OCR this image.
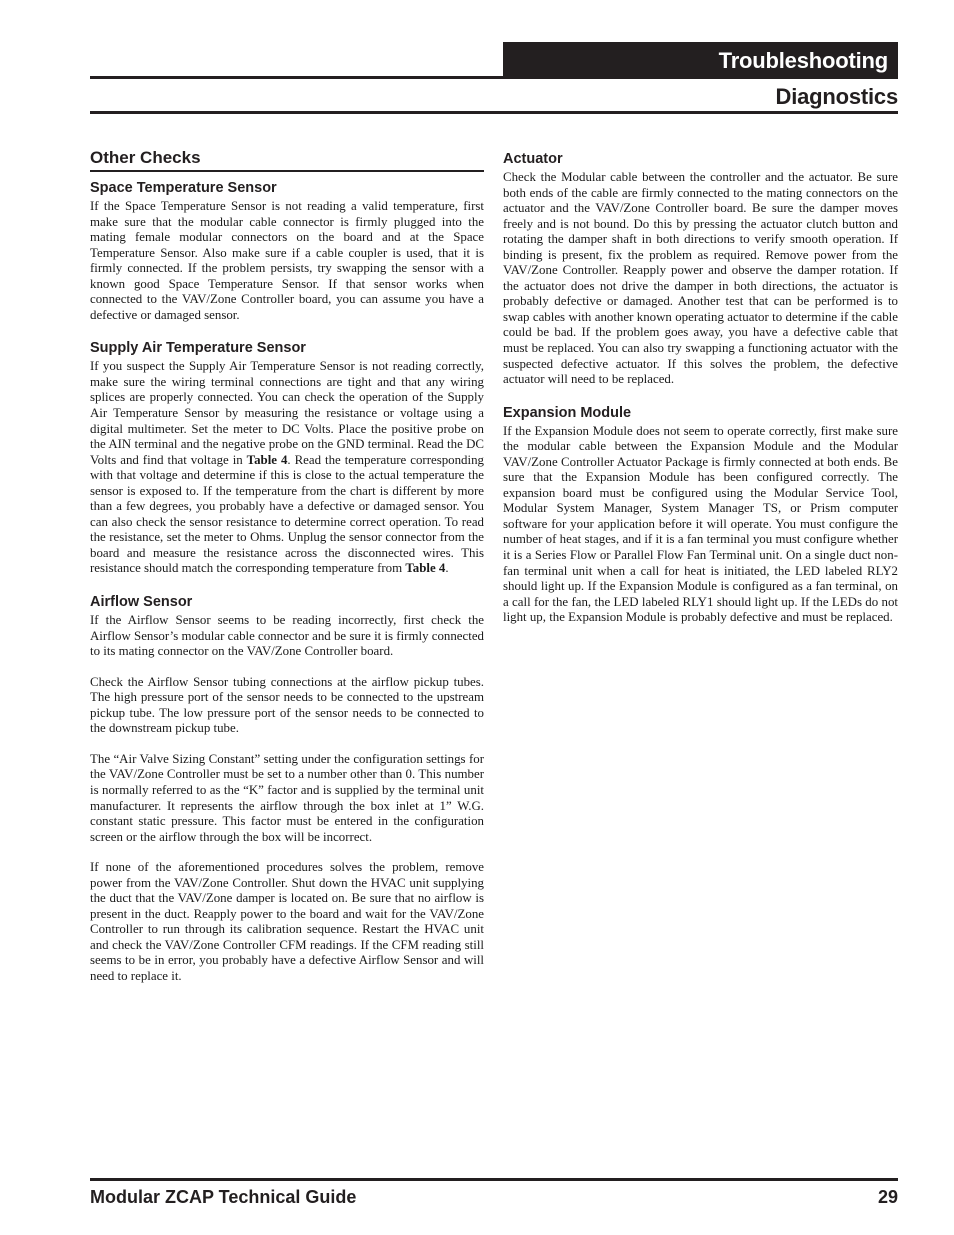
Troubleshooting
Diagnostics
Other Checks
Space Temperature Sensor

If the Space Temperature Sensor is not reading a valid temperature, first make sure that the modular cable connector is firmly plugged into the mating female modular connectors on the board and at the Space Temperature Sensor. Also make sure if a cable coupler is used, that it is firmly connected. If the problem persists, try swapping the sensor with a known good Space Temperature Sensor. If that sensor works when connected to the VAV/Zone Controller board, you can assume you have a defective or damaged sensor.

Supply Air Temperature Sensor

If you suspect the Supply Air Temperature Sensor is not reading correctly, make sure the wiring terminal connections are tight and that any wiring splices are properly connected. You can check the operation of the Supply Air Temperature Sensor by measuring the resistance or voltage using a digital multimeter. Set the meter to DC Volts. Place the positive probe on the AIN terminal and the negative probe on the GND terminal. Read the DC Volts and find that voltage in Table 4. Read the temperature corresponding with that voltage and determine if this is close to the actual temperature the sensor is exposed to. If the temperature from the chart is different by more than a few degrees, you probably have a defective or damaged sensor. You can also check the sensor resistance to determine correct operation. To read the resistance, set the meter to Ohms. Unplug the sensor connector from the board and measure the resistance across the disconnected wires. This resistance should match the corresponding temperature from Table 4.

Airflow Sensor

If the Airflow Sensor seems to be reading incorrectly, first check the Airflow Sensor’s modular cable connector and be sure it is firmly connected to its mating connector on the VAV/Zone Controller board.

Check the Airflow Sensor tubing connections at the airflow pickup tubes. The high pressure port of the sensor needs to be connected to the upstream pickup tube. The low pressure port of the sensor needs to be connected to the downstream pickup tube.

The “Air Valve Sizing Constant” setting under the configuration settings for the VAV/Zone Controller must be set to a number other than 0. This number is normally referred to as the “K” factor and is supplied by the terminal unit manufacturer. It represents the airflow through the box inlet at 1” W.G. constant static pressure. This factor must be entered in the configuration screen or the airflow through the box will be incorrect.

If none of the aforementioned procedures solves the problem, remove power from the VAV/Zone Controller. Shut down the HVAC unit supplying the duct that the VAV/Zone damper is located on. Be sure that no airflow is present in the duct. Reapply power to the board and wait for the VAV/Zone Controller to run through its calibration sequence. Restart the HVAC unit and check the VAV/Zone Controller CFM readings. If the CFM reading still seems to be in error, you probably have a defective Airflow Sensor and will need to replace it.

Actuator

Check the Modular cable between the controller and the actuator. Be sure both ends of the cable are firmly connected to the mating connectors on the actuator and the VAV/Zone Controller board. Be sure the damper moves freely and is not bound. Do this by pressing the actuator clutch button and rotating the damper shaft in both directions to verify smooth operation. If binding is present, fix the problem as required. Remove power from the VAV/Zone Controller. Reapply power and observe the damper rotation. If the actuator does not drive the damper in both directions, the actuator is probably defective or damaged. Another test that can be performed is to swap cables with another known operating actuator to determine if the cable could be bad. If the problem goes away, you have a defective cable that must be replaced. You can also try swapping a functioning actuator with the suspected defective actuator. If this solves the problem, the defective actuator will need to be replaced.

Expansion Module

If the Expansion Module does not seem to operate correctly, first make sure the modular cable between the Expansion Module and the Modular VAV/Zone Controller Actuator Package is firmly connected at both ends. Be sure that the Expansion Module has been configured correctly. The expansion board must be configured using the Modular Service Tool, Modular System Manager, System Manager TS, or Prism computer software for your application before it will operate. You must configure the number of heat stages, and if it is a fan terminal you must configure whether it is a Series Flow or Parallel Flow Fan Terminal unit. On a single duct non-fan terminal unit when a call for heat is initiated, the LED labeled RLY2 should light up. If the Expansion Module is configured as a fan terminal, on a call for the fan, the LED labeled RLY1 should light up. If the LEDs do not light up, the Expansion Module is probably defective and must be replaced.

Modular ZCAP Technical Guide	29
